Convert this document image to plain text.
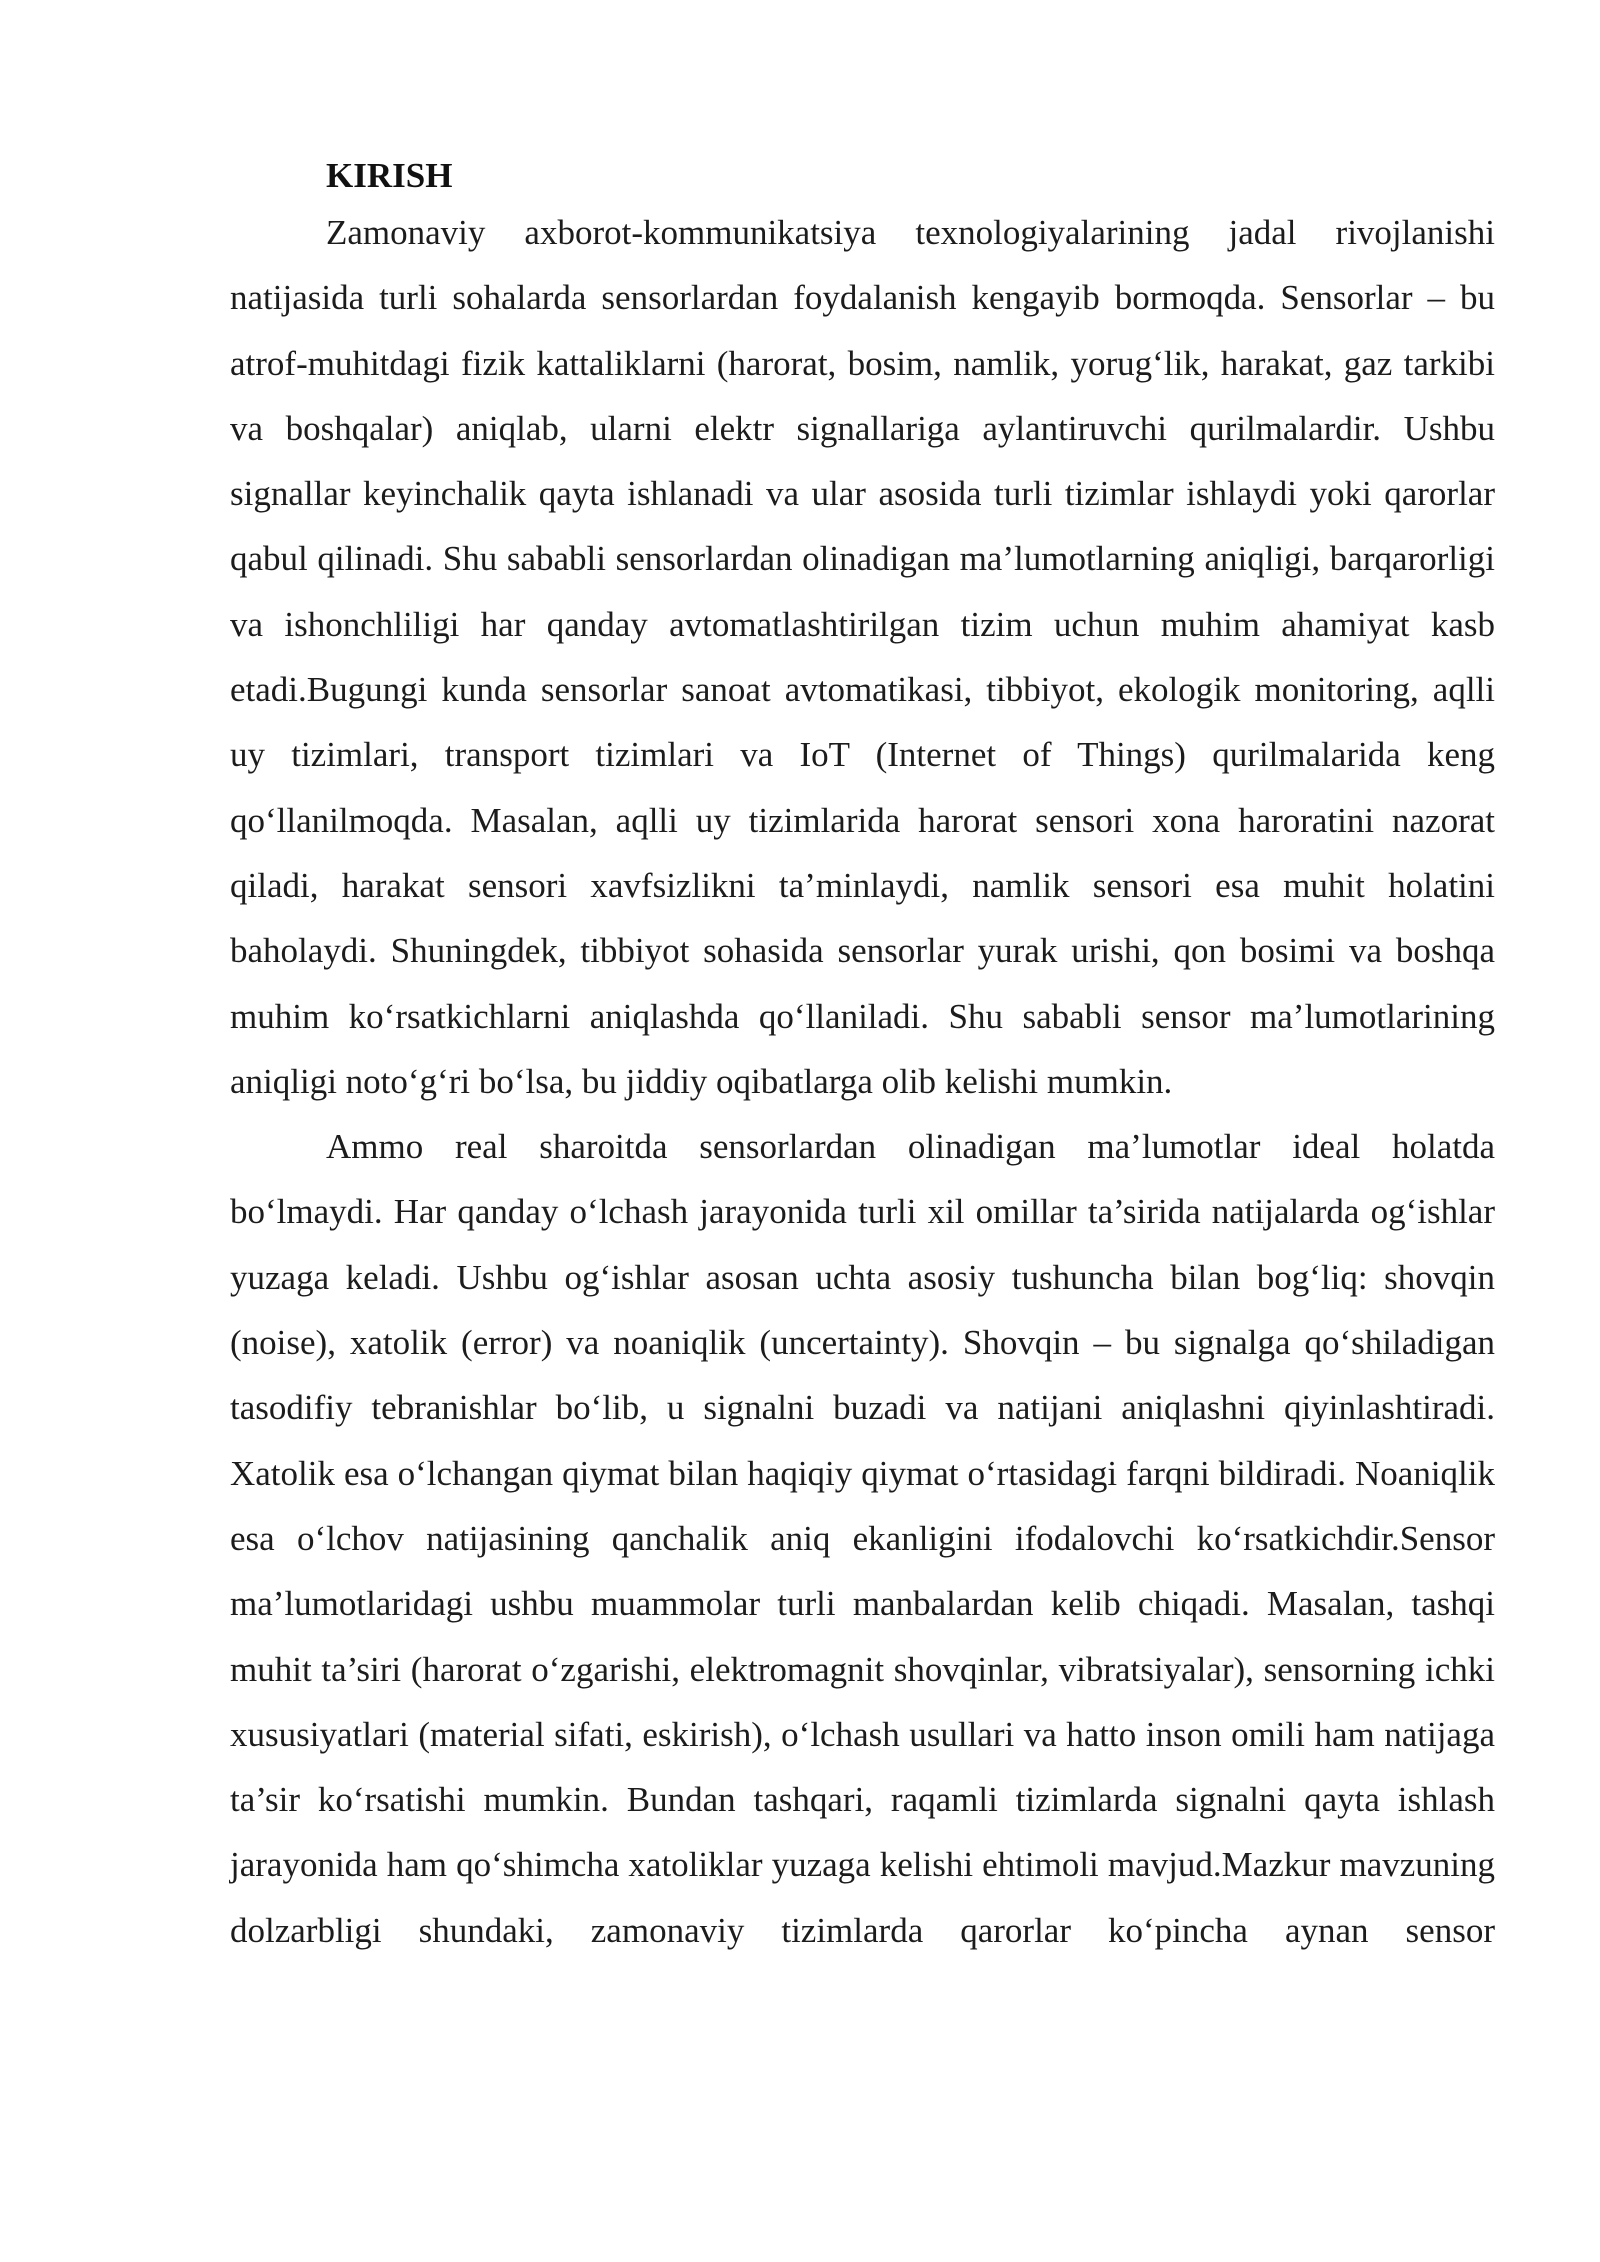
KIRISH

Zamonaviy axborot-kommunikatsiya texnologiyalarining jadal rivojlanishi natijasida turli sohalarda sensorlardan foydalanish kengayib bormoqda. Sensorlar – bu atrof-muhitdagi fizik kattaliklarni (harorat, bosim, namlik, yorug‘lik, harakat, gaz tarkibi va boshqalar) aniqlab, ularni elektr signallariga aylantiruvchi qurilmalardir. Ushbu signallar keyinchalik qayta ishlanadi va ular asosida turli tizimlar ishlaydi yoki qarorlar qabul qilinadi. Shu sababli sensorlardan olinadigan ma’lumotlarning aniqligi, barqarorligi va ishonchliligi har qanday avtomatlashtirilgan tizim uchun muhim ahamiyat kasb etadi.Bugungi kunda sensorlar sanoat avtomatikasi, tibbiyot, ekologik monitoring, aqlli uy tizimlari, transport tizimlari va IoT (Internet of Things) qurilmalarida keng qo‘llanilmoqda. Masalan, aqlli uy tizimlarida harorat sensori xona haroratini nazorat qiladi, harakat sensori xavfsizlikni ta’minlaydi, namlik sensori esa muhit holatini baholaydi. Shuningdek, tibbiyot sohasida sensorlar yurak urishi, qon bosimi va boshqa muhim ko‘rsatkichlarni aniqlashda qo‘llaniladi. Shu sababli sensor ma’lumotlarining aniqligi noto‘g‘ri bo‘lsa, bu jiddiy oqibatlarga olib kelishi mumkin.

Ammo real sharoitda sensorlardan olinadigan ma’lumotlar ideal holatda bo‘lmaydi. Har qanday o‘lchash jarayonida turli xil omillar ta’sirida natijalarda og‘ishlar yuzaga keladi. Ushbu og‘ishlar asosan uchta asosiy tushuncha bilan bog‘liq: shovqin (noise), xatolik (error) va noaniqlik (uncertainty). Shovqin – bu signalga qo‘shiladigan tasodifiy tebranishlar bo‘lib, u signalni buzadi va natijani aniqlashni qiyinlashtiradi. Xatolik esa o‘lchangan qiymat bilan haqiqiy qiymat o‘rtasidagi farqni bildiradi. Noaniqlik esa o‘lchov natijasining qanchalik aniq ekanligini ifodalovchi ko‘rsatkichdir.Sensor ma’lumotlaridagi ushbu muammolar turli manbalardan kelib chiqadi. Masalan, tashqi muhit ta’siri (harorat o‘zgarishi, elektromagnit shovqinlar, vibratsiyalar), sensorning ichki xususiyatlari (material sifati, eskirish), o‘lchash usullari va hatto inson omili ham natijaga ta’sir ko‘rsatishi mumkin. Bundan tashqari, raqamli tizimlarda signalni qayta ishlash jarayonida ham qo‘shimcha xatoliklar yuzaga kelishi ehtimoli mavjud.Mazkur mavzuning dolzarbligi shundaki, zamonaviy tizimlarda qarorlar ko‘pincha aynan sensor
